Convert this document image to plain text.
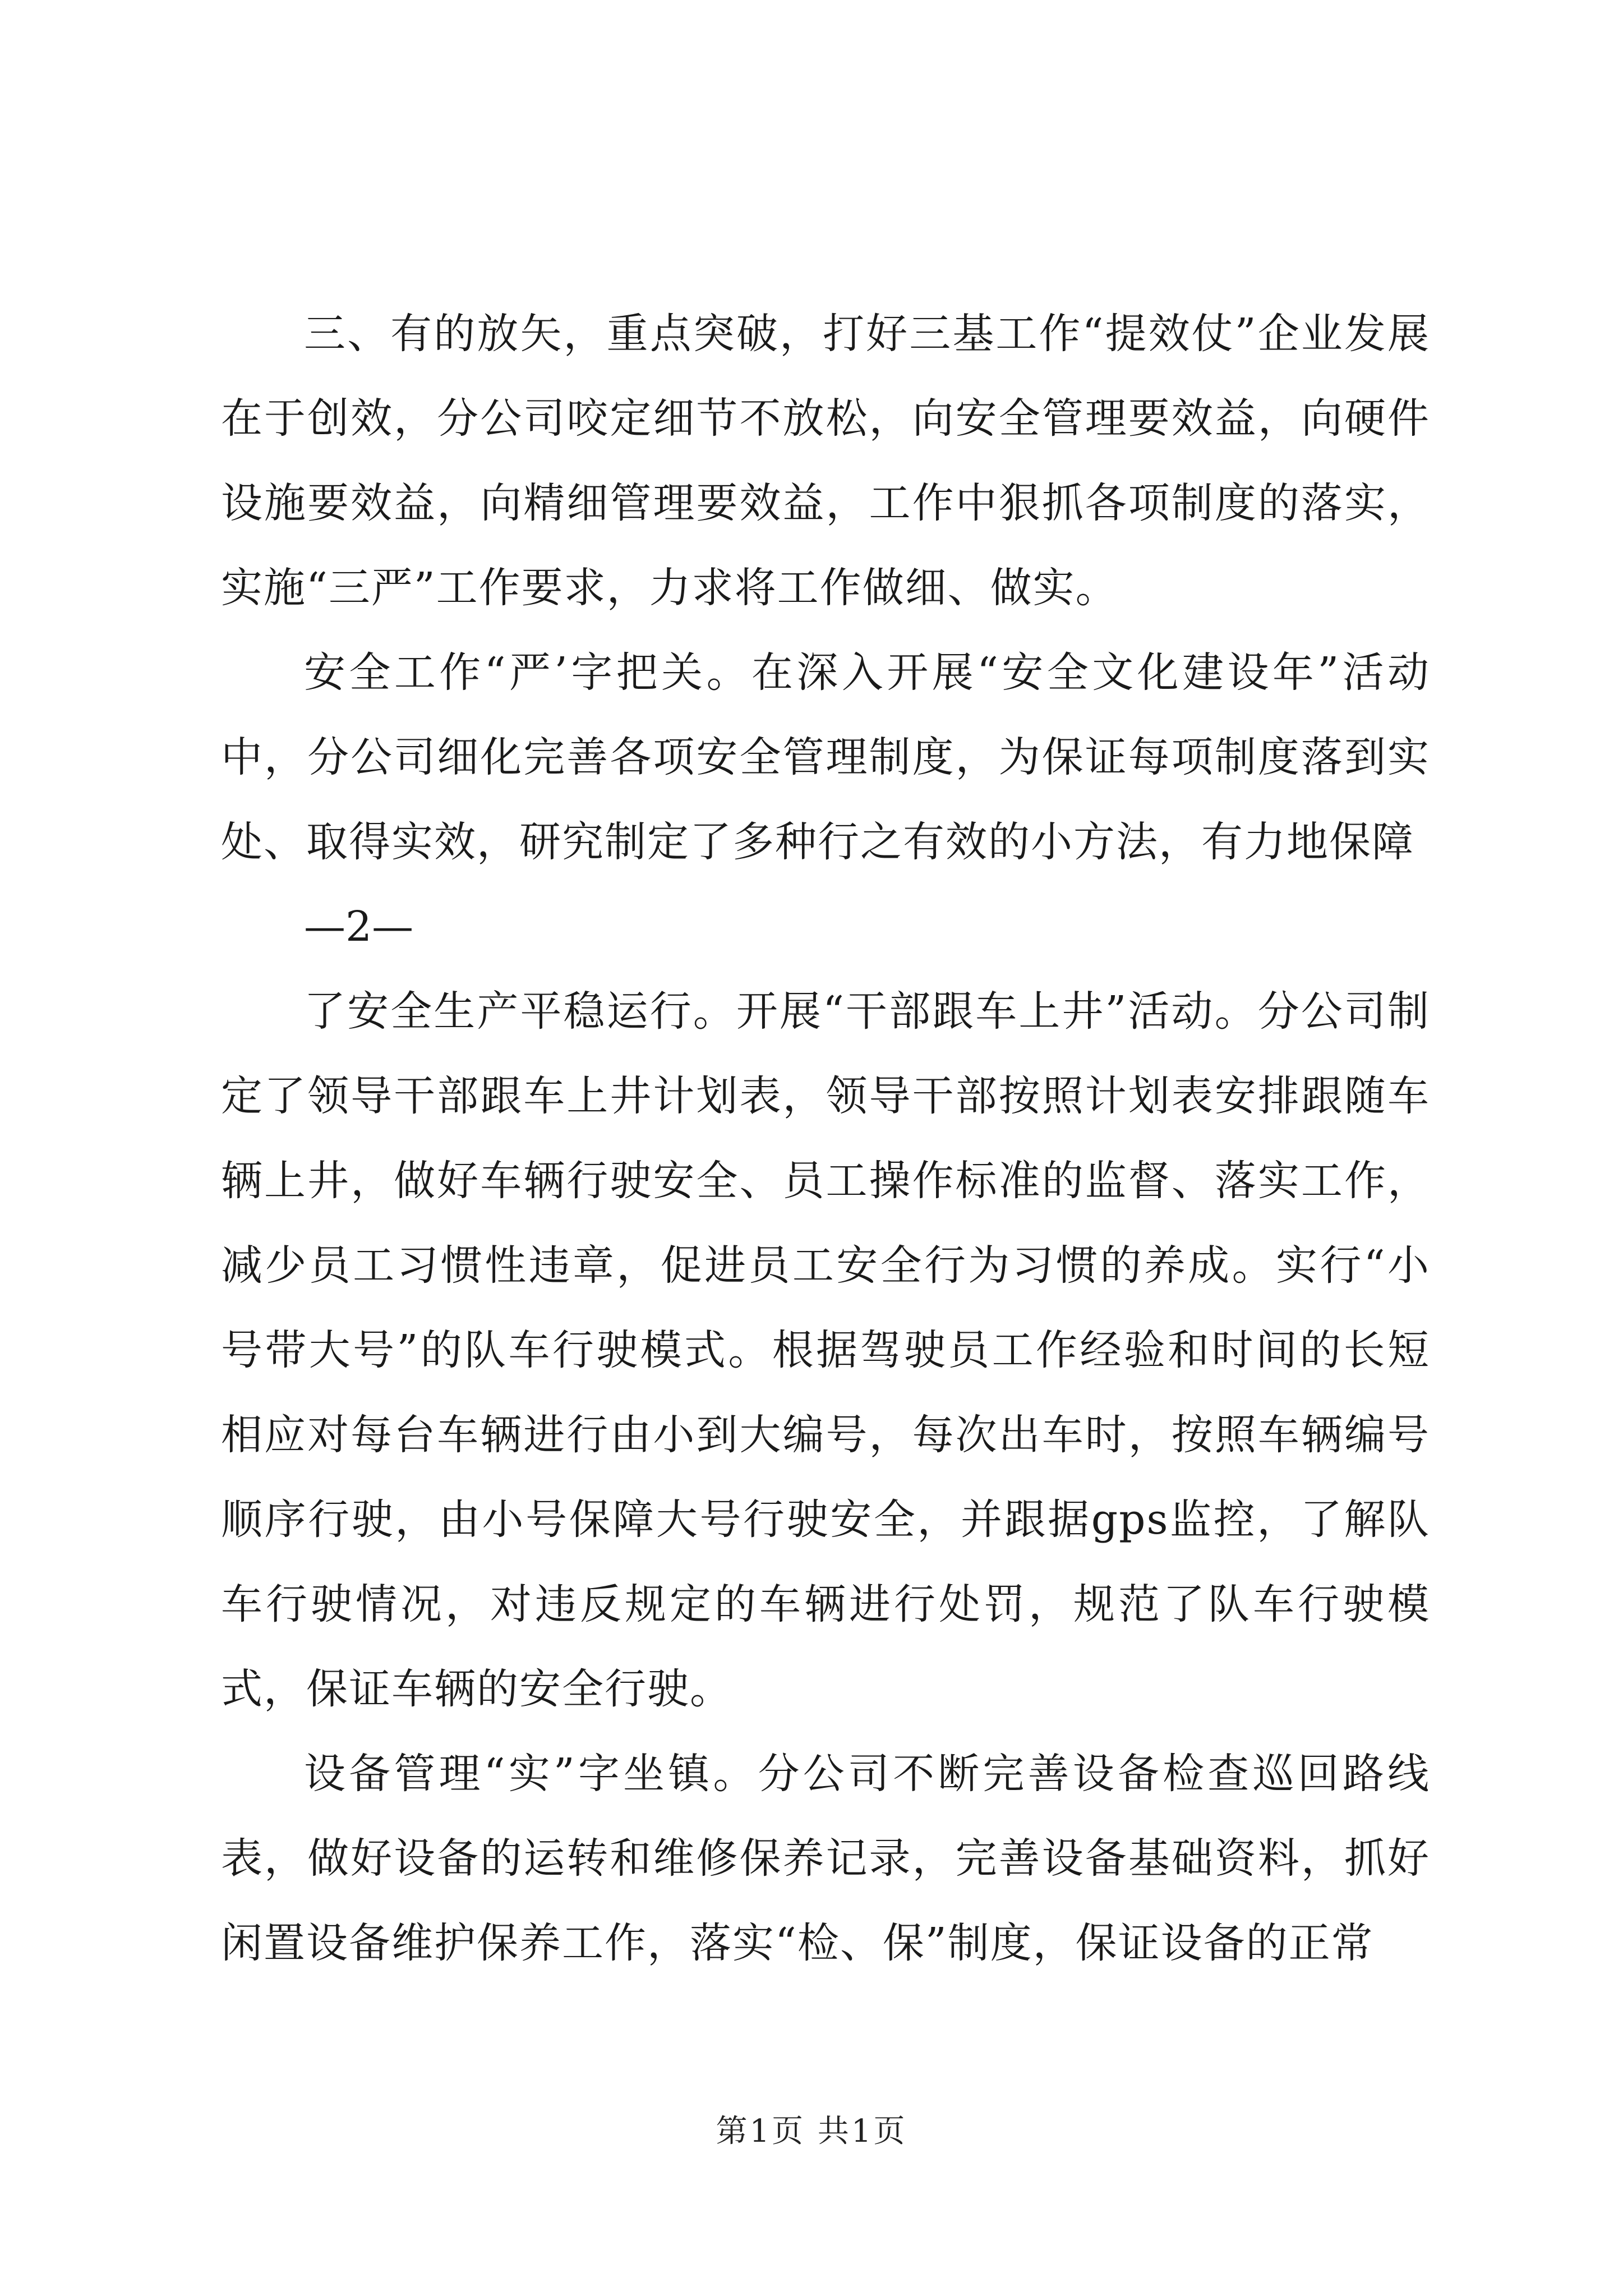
三、有的放矢，重点突破，打好三基工作“提效仗”企业发展在于创效，分公司咬定细节不放松，向安全管理要效益，向硬件设施要效益，向精细管理要效益，工作中狠抓各项制度的落实，实施“三严”工作要求，力求将工作做细、做实。

安全工作“严’字把关。在深入开展“安全文化建设年”活动中，分公司细化完善各项安全管理制度，为保证每项制度落到实处、取得实效，研究制定了多种行之有效的小方法，有力地保障

—2—

了安全生产平稳运行。开展“干部跟车上井”活动。分公司制定了领导干部跟车上井计划表，领导干部按照计划表安排跟随车辆上井，做好车辆行驶安全、员工操作标准的监督、落实工作，减少员工习惯性违章，促进员工安全行为习惯的养成。实行“小号带大号”的队车行驶模式。根据驾驶员工作经验和时间的长短相应对每台车辆进行由小到大编号，每次出车时，按照车辆编号顺序行驶，由小号保障大号行驶安全，并跟据gps监控，了解队车行驶情况，对违反规定的车辆进行处罚，规范了队车行驶模式，保证车辆的安全行驶。

设备管理“实”字坐镇。分公司不断完善设备检查巡回路线表，做好设备的运转和维修保养记录，完善设备基础资料，抓好闲置设备维护保养工作，落实“检、保”制度，保证设备的正常

第1页 共1页
